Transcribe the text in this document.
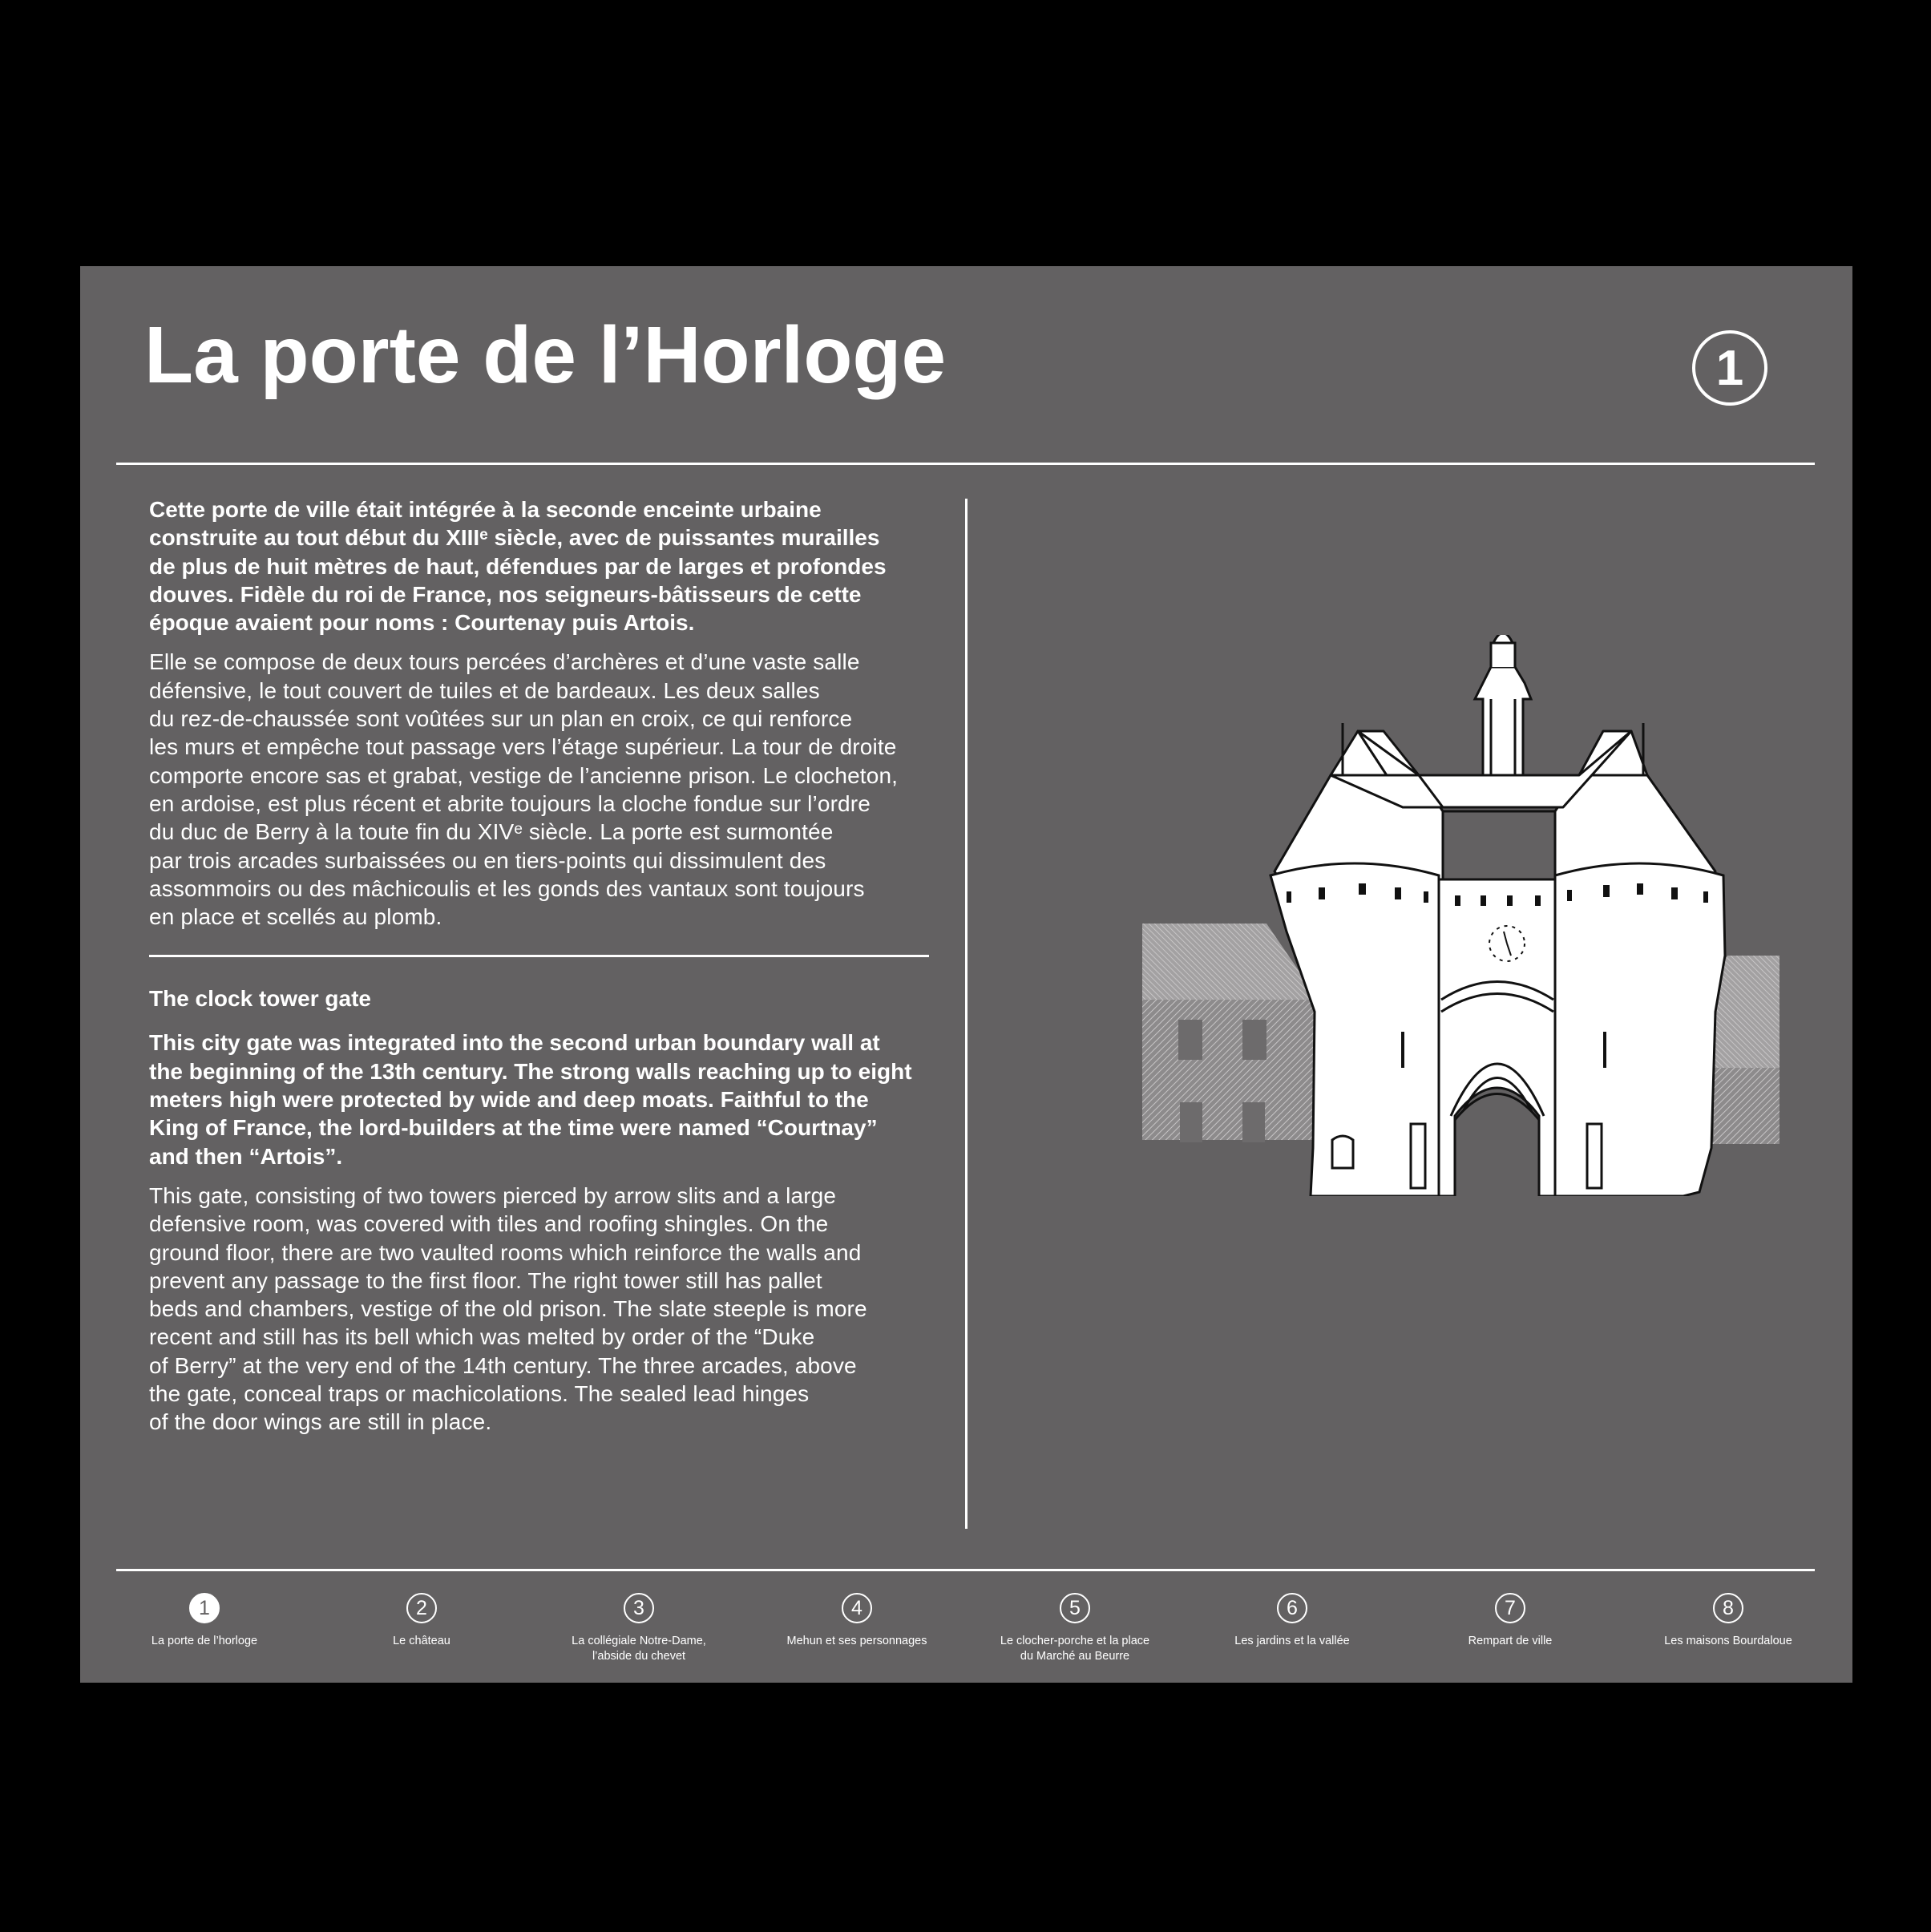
La porte de l’Horloge	1

Cette porte de ville était intégrée à la seconde enceinte urbaine
construite au tout début du XIIIᵉ siècle, avec de puissantes murailles
de plus de huit mètres de haut, défendues par de larges et profondes
douves. Fidèle du roi de France, nos seigneurs-bâtisseurs de cette
époque avaient pour noms : Courtenay puis Artois.

Elle se compose de deux tours percées d’archères et d’une vaste salle
défensive, le tout couvert de tuiles et de bardeaux. Les deux salles
du rez-de-chaussée sont voûtées sur un plan en croix, ce qui renforce
les murs et empêche tout passage vers l’étage supérieur. La tour de droite
comporte encore sas et grabat, vestige de l’ancienne prison. Le clocheton,
en ardoise, est plus récent et abrite toujours la cloche fondue sur l’ordre
du duc de Berry à la toute fin du XIVᵉ siècle. La porte est surmontée
par trois arcades surbaissées ou en tiers-points qui dissimulent des
assommoirs ou des mâchicoulis et les gonds des vantaux sont toujours
en place et scellés au plomb.

The clock tower gate

This city gate was integrated into the second urban boundary wall at
the beginning of the 13th century. The strong walls reaching up to eight
meters high were protected by wide and deep moats. Faithful to the
King of France, the lord-builders at the time were named “Courtnay”
and then “Artois”.

This gate, consisting of two towers pierced by arrow slits and a large
defensive room, was covered with tiles and roofing shingles. On the
ground floor, there are two vaulted rooms which reinforce the walls and
prevent any passage to the first floor. The right tower still has pallet
beds and chambers, vestige of the old prison. The slate steeple is more
recent and still has its bell which was melted by order of the “Duke
of Berry” at the very end of the 14th century. The three arcades, above
the gate, conceal traps or machicolations. The sealed lead hinges
of the door wings are still in place.

1
La porte de l’horloge
2
Le château
3
La collégiale Notre-Dame,
l’abside du chevet
4
Mehun et ses personnages
5
Le clocher-porche et la place
du Marché au Beurre
6
Les jardins et la vallée
7
Rempart de ville
8
Les maisons Bourdaloue
